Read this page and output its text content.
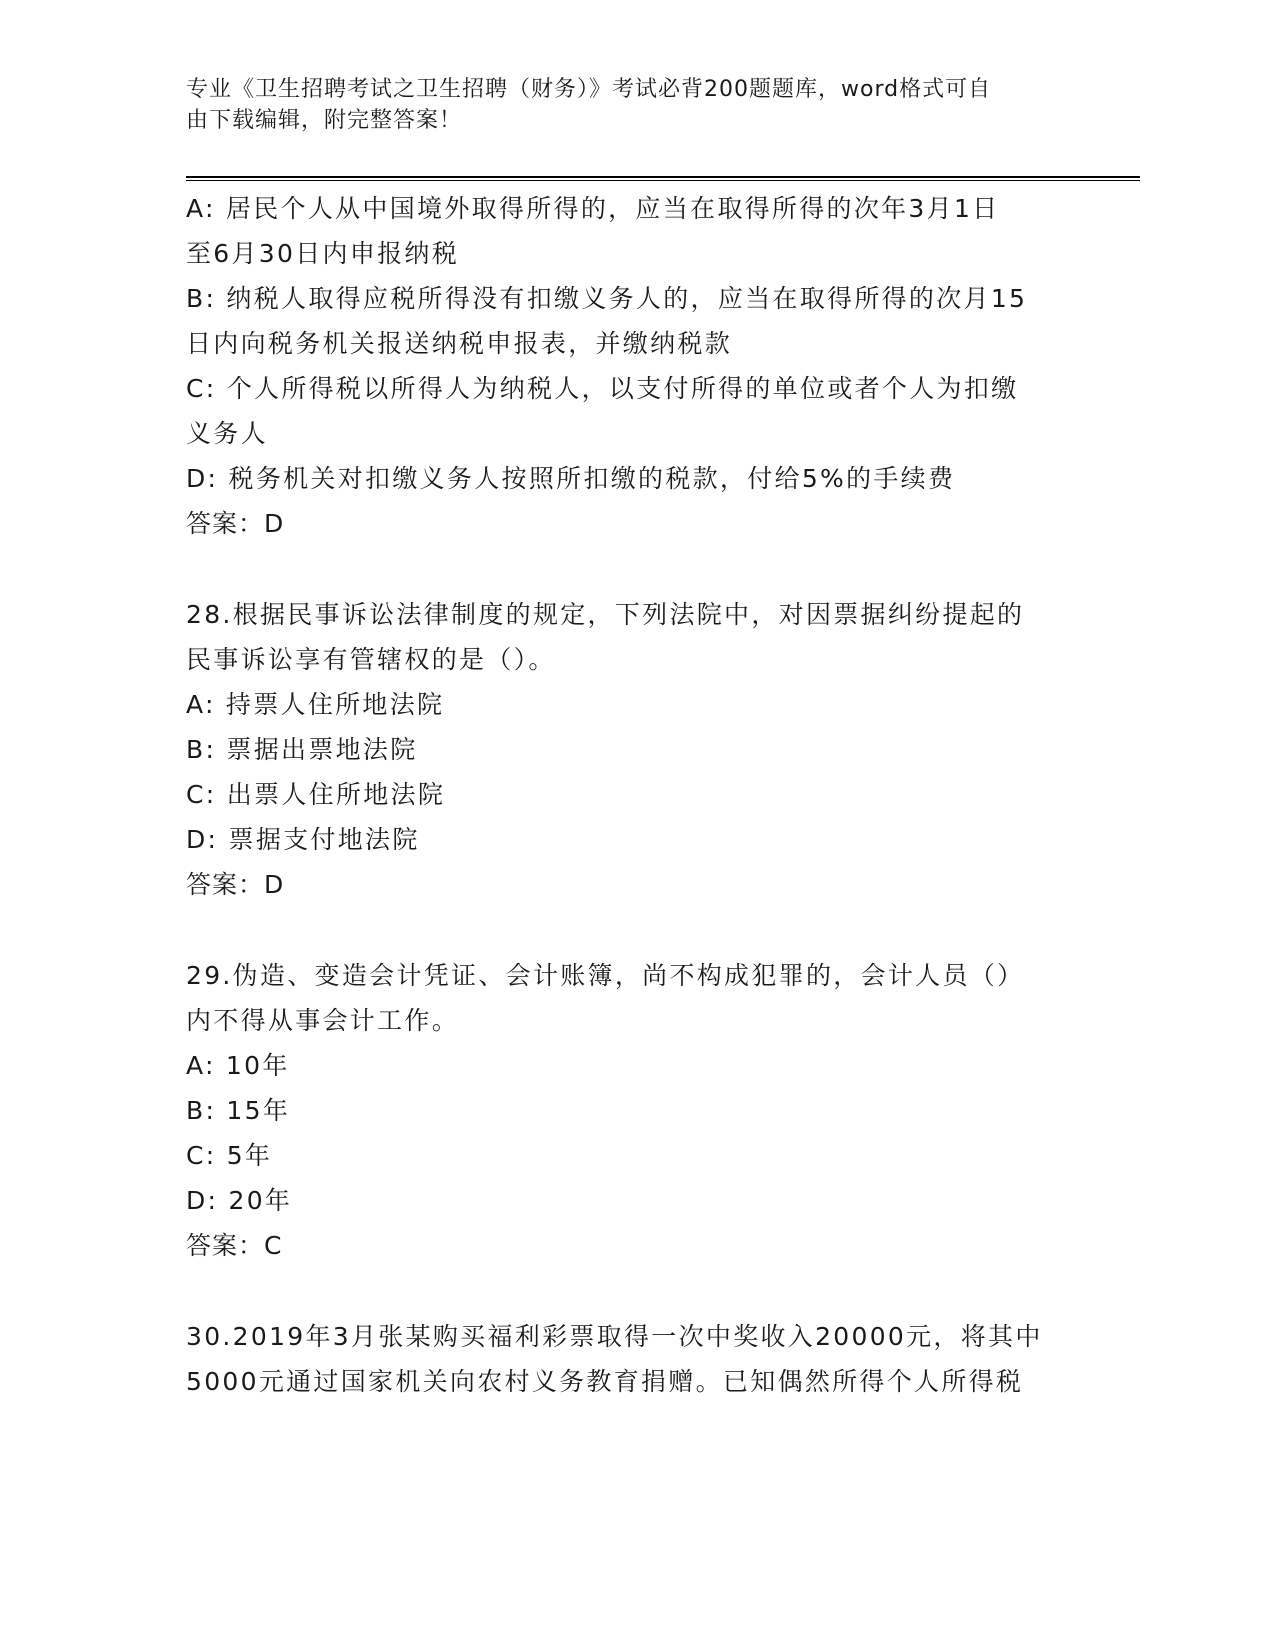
专业《卫生招聘考试之卫生招聘（财务）》考试必背200题题库，word格式可自
由下载编辑，附完整答案！
A: 居民个人从中国境外取得所得的，应当在取得所得的次年3月1日
至6月30日内申报纳税
B: 纳税人取得应税所得没有扣缴义务人的，应当在取得所得的次月15
日内向税务机关报送纳税申报表，并缴纳税款
C: 个人所得税以所得人为纳税人，以支付所得的单位或者个人为扣缴
义务人
D: 税务机关对扣缴义务人按照所扣缴的税款，付给5%的手续费
答案：D
28.根据民事诉讼法律制度的规定，下列法院中，对因票据纠纷提起的
民事诉讼享有管辖权的是（）。
A: 持票人住所地法院
B: 票据出票地法院
C: 出票人住所地法院
D: 票据支付地法院
答案：D
29.伪造、变造会计凭证、会计账簿，尚不构成犯罪的，会计人员（）
内不得从事会计工作。
A: 10年
B: 15年
C: 5年
D: 20年
答案：C
30.2019年3月张某购买福利彩票取得一次中奖收入20000元，将其中
5000元通过国家机关向农村义务教育捐赠。已知偶然所得个人所得税
